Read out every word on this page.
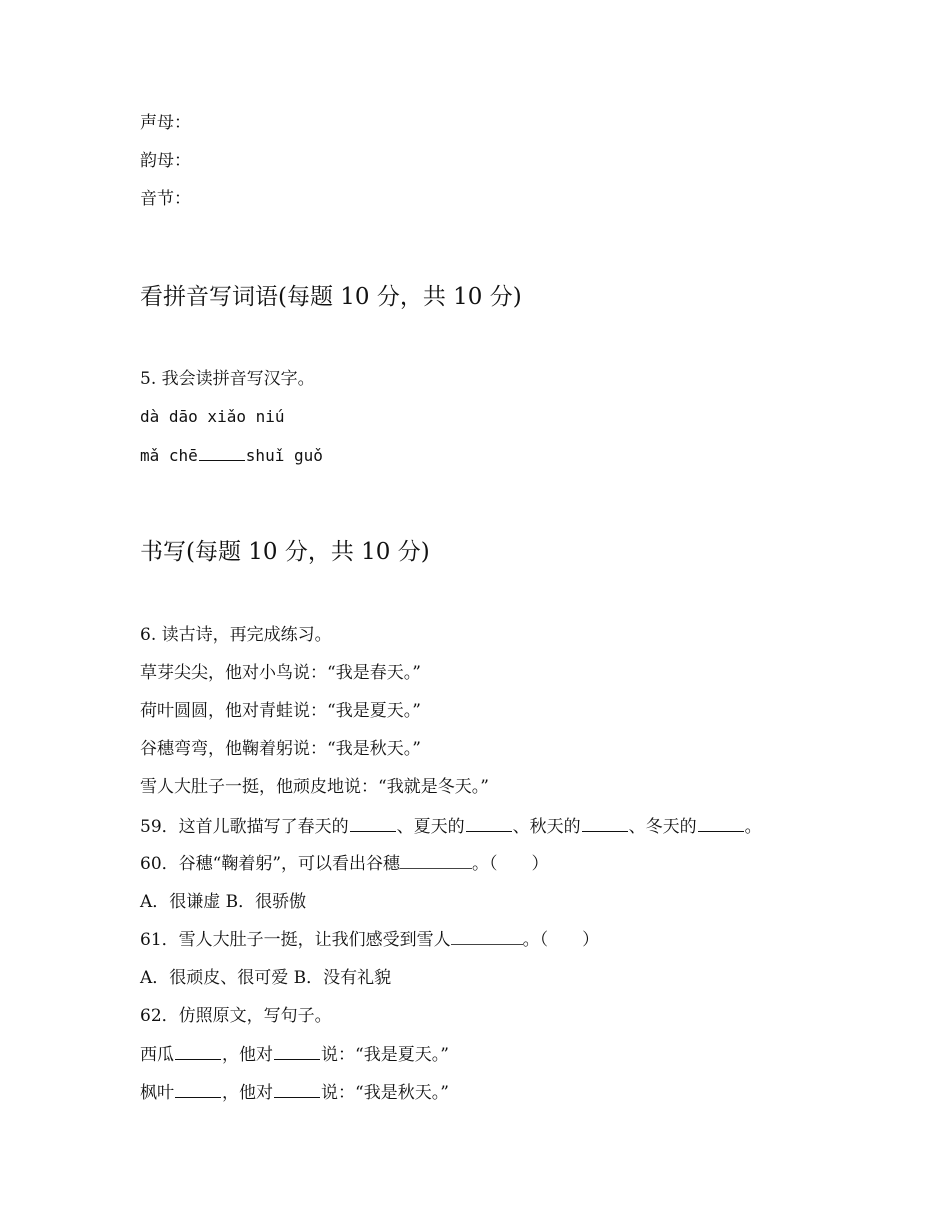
声母：
韵母：
音节：
看拼音写词语(每题 10 分，共 10 分)
5. 我会读拼音写汉字。
dà dāo xiǎo niú
mǎ chē	shuǐ guǒ
书写(每题 10 分，共 10 分)
6. 读古诗，再完成练习。
草芽尖尖，他对小鸟说：“我是春天。”
荷叶圆圆，他对青蛙说：“我是夏天。”
谷穗弯弯，他鞠着躬说：“我是秋天。”
雪人大肚子一挺，他顽皮地说：“我就是冬天。”
59．这首儿歌描写了春天的	、夏天的	、秋天的	、冬天的	。
60．谷穗“鞠着躬”，可以看出谷穗	。（　　）
A．很谦虚 B．很骄傲
61．雪人大肚子一挺，让我们感受到雪人	。（　　）
A．很顽皮、很可爱 B．没有礼貌
62．仿照原文，写句子。
西瓜	，他对	说：“我是夏天。”
枫叶	，他对	说：“我是秋天。”
